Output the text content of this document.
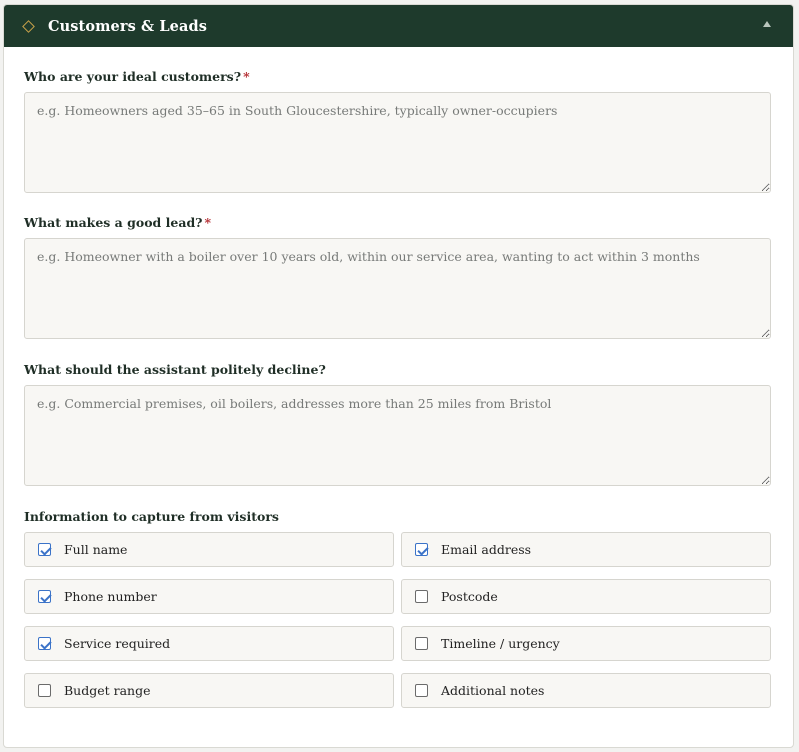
Customers & Leads
Who are your ideal customers? *
e.g. Homeowners aged 35–65 in South Gloucestershire, typically owner-occupiers
What makes a good lead? *
e.g. Homeowner with a boiler over 10 years old, within our service area, wanting to act within 3 months
What should the assistant politely decline?
e.g. Commercial premises, oil boilers, addresses more than 25 miles from Bristol
Information to capture from visitors
Full name	Email address
Phone number	Postcode
Service required	Timeline / urgency
Budget range	Additional notes
